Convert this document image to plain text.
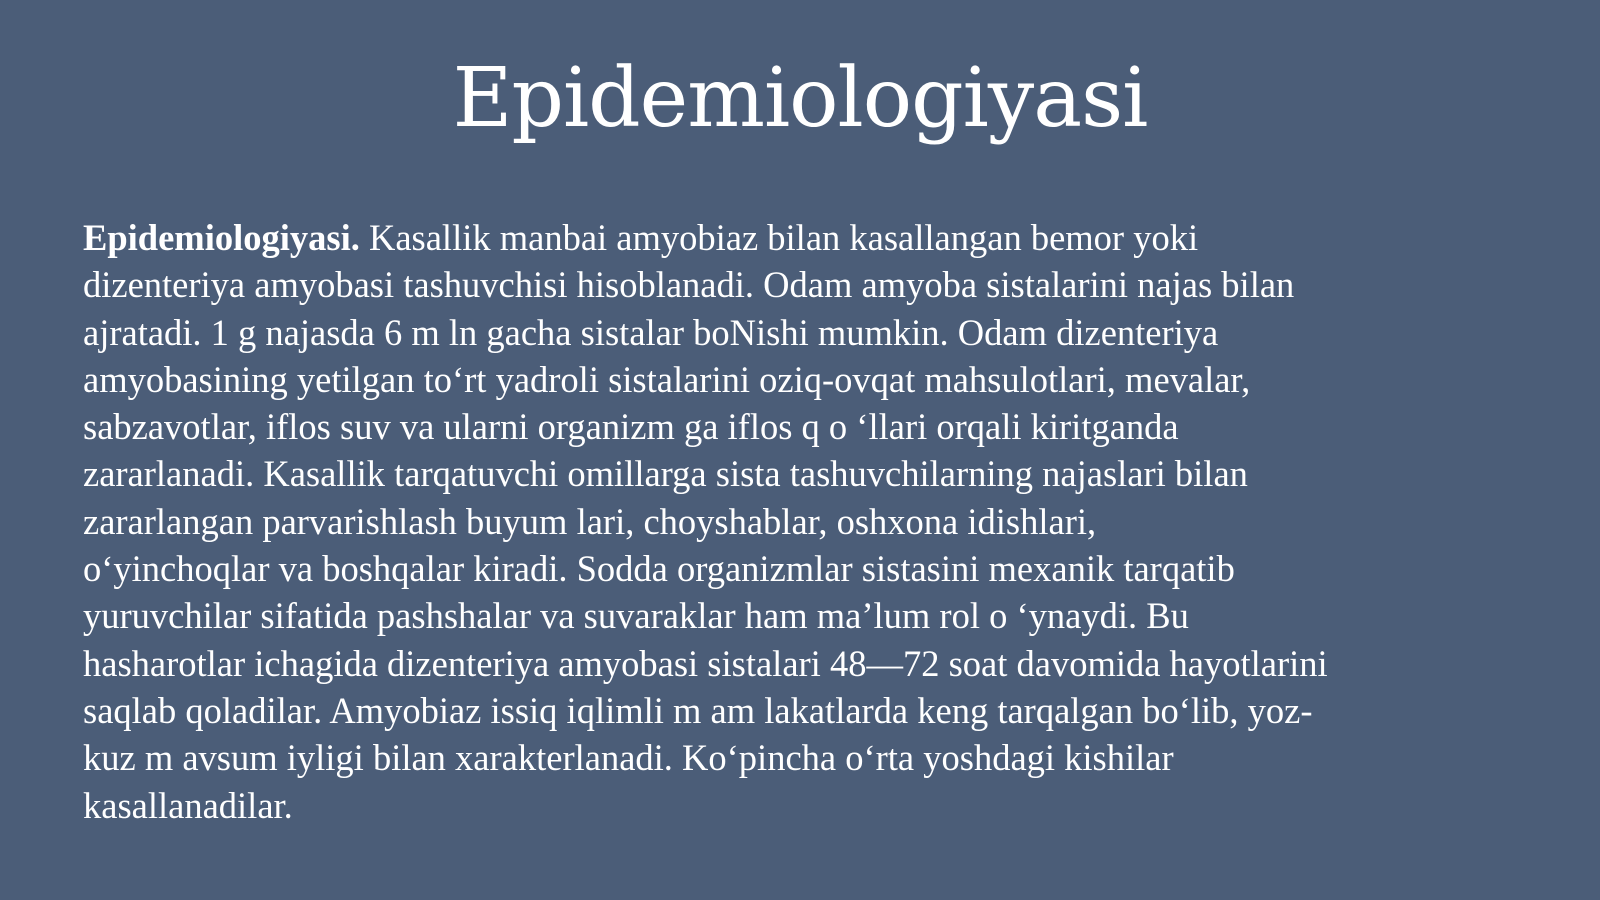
Epidemiologiyasi
Epidemiologiyasi. Kasallik manbai amyobiaz bilan kasallangan bemor yoki
dizenteriya amyobasi tashuvchisi hisoblanadi. Odam amyoba sistalarini najas bilan
ajratadi. 1 g najasda 6 m ln gacha sistalar boNishi mumkin. Odam dizenteriya
amyobasining yetilgan to‘rt yadroli sistalarini oziq-ovqat mahsulotlari, mevalar,
sabzavotlar, iflos suv va ularni organizm ga iflos q o ‘llari orqali kiritganda
zararlanadi. Kasallik tarqatuvchi omillarga sista tashuvchilarning najaslari bilan
zararlangan parvarishlash buyum lari, choyshablar, oshxona idishlari,
o‘yinchoqlar va boshqalar kiradi. Sodda organizmlar sistasini mexanik tarqatib
yuruvchilar sifatida pashshalar va suvaraklar ham ma’lum rol o ‘ynaydi. Bu
hasharotlar ichagida dizenteriya amyobasi sistalari 48—72 soat davomida hayotlarini
saqlab qoladilar. Amyobiaz issiq iqlimli m am lakatlarda keng tarqalgan bo‘lib, yoz-
kuz m avsum iyligi bilan xarakterlanadi. Ko‘pincha o‘rta yoshdagi kishilar
kasallanadilar.
